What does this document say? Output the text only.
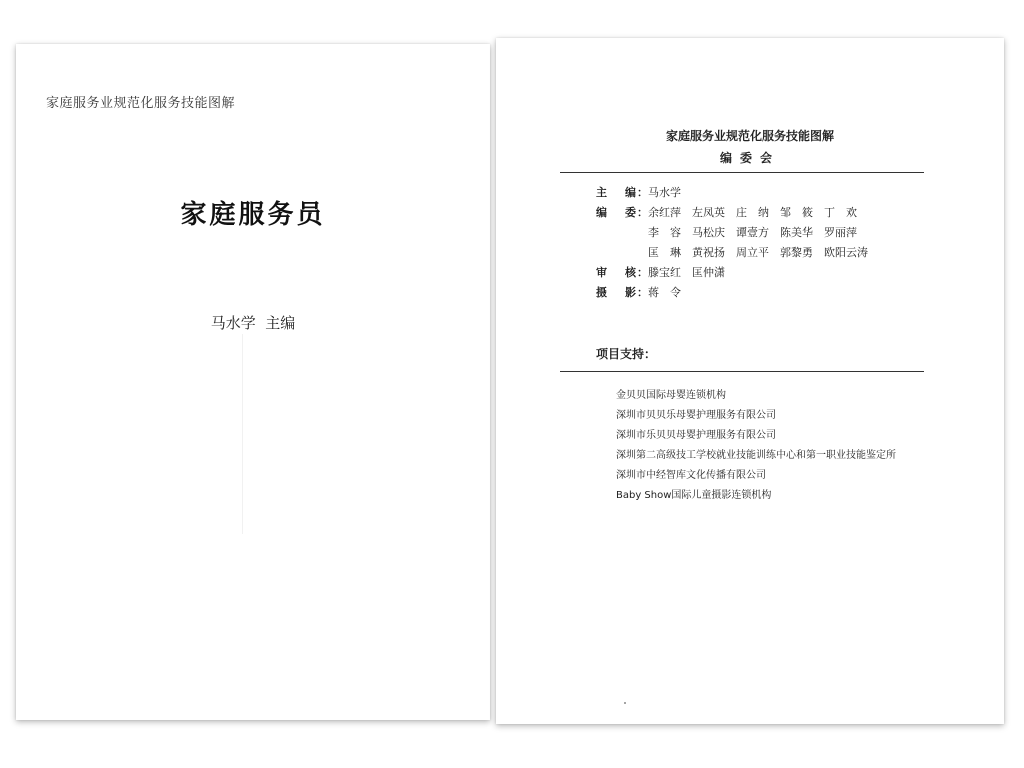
家庭服务业规范化服务技能图解
家庭服务员
马水学  主编
家庭服务业规范化服务技能图解
编委会
主编：马水学
编委：余红萍 左凤英 庄　纳 邹　筱 丁　欢
李　容 马松庆 谭壹方 陈美华 罗丽萍
匡　琳 黄祝扬 周立平 郭黎勇 欧阳云涛
审核：滕宝红 匡仲潇
摄影：蒋　令
项目支持：
金贝贝国际母婴连锁机构
深圳市贝贝乐母婴护理服务有限公司
深圳市乐贝贝母婴护理服务有限公司
深圳第二高级技工学校就业技能训练中心和第一职业技能鉴定所
深圳市中经智库文化传播有限公司
Baby Show国际儿童摄影连锁机构
